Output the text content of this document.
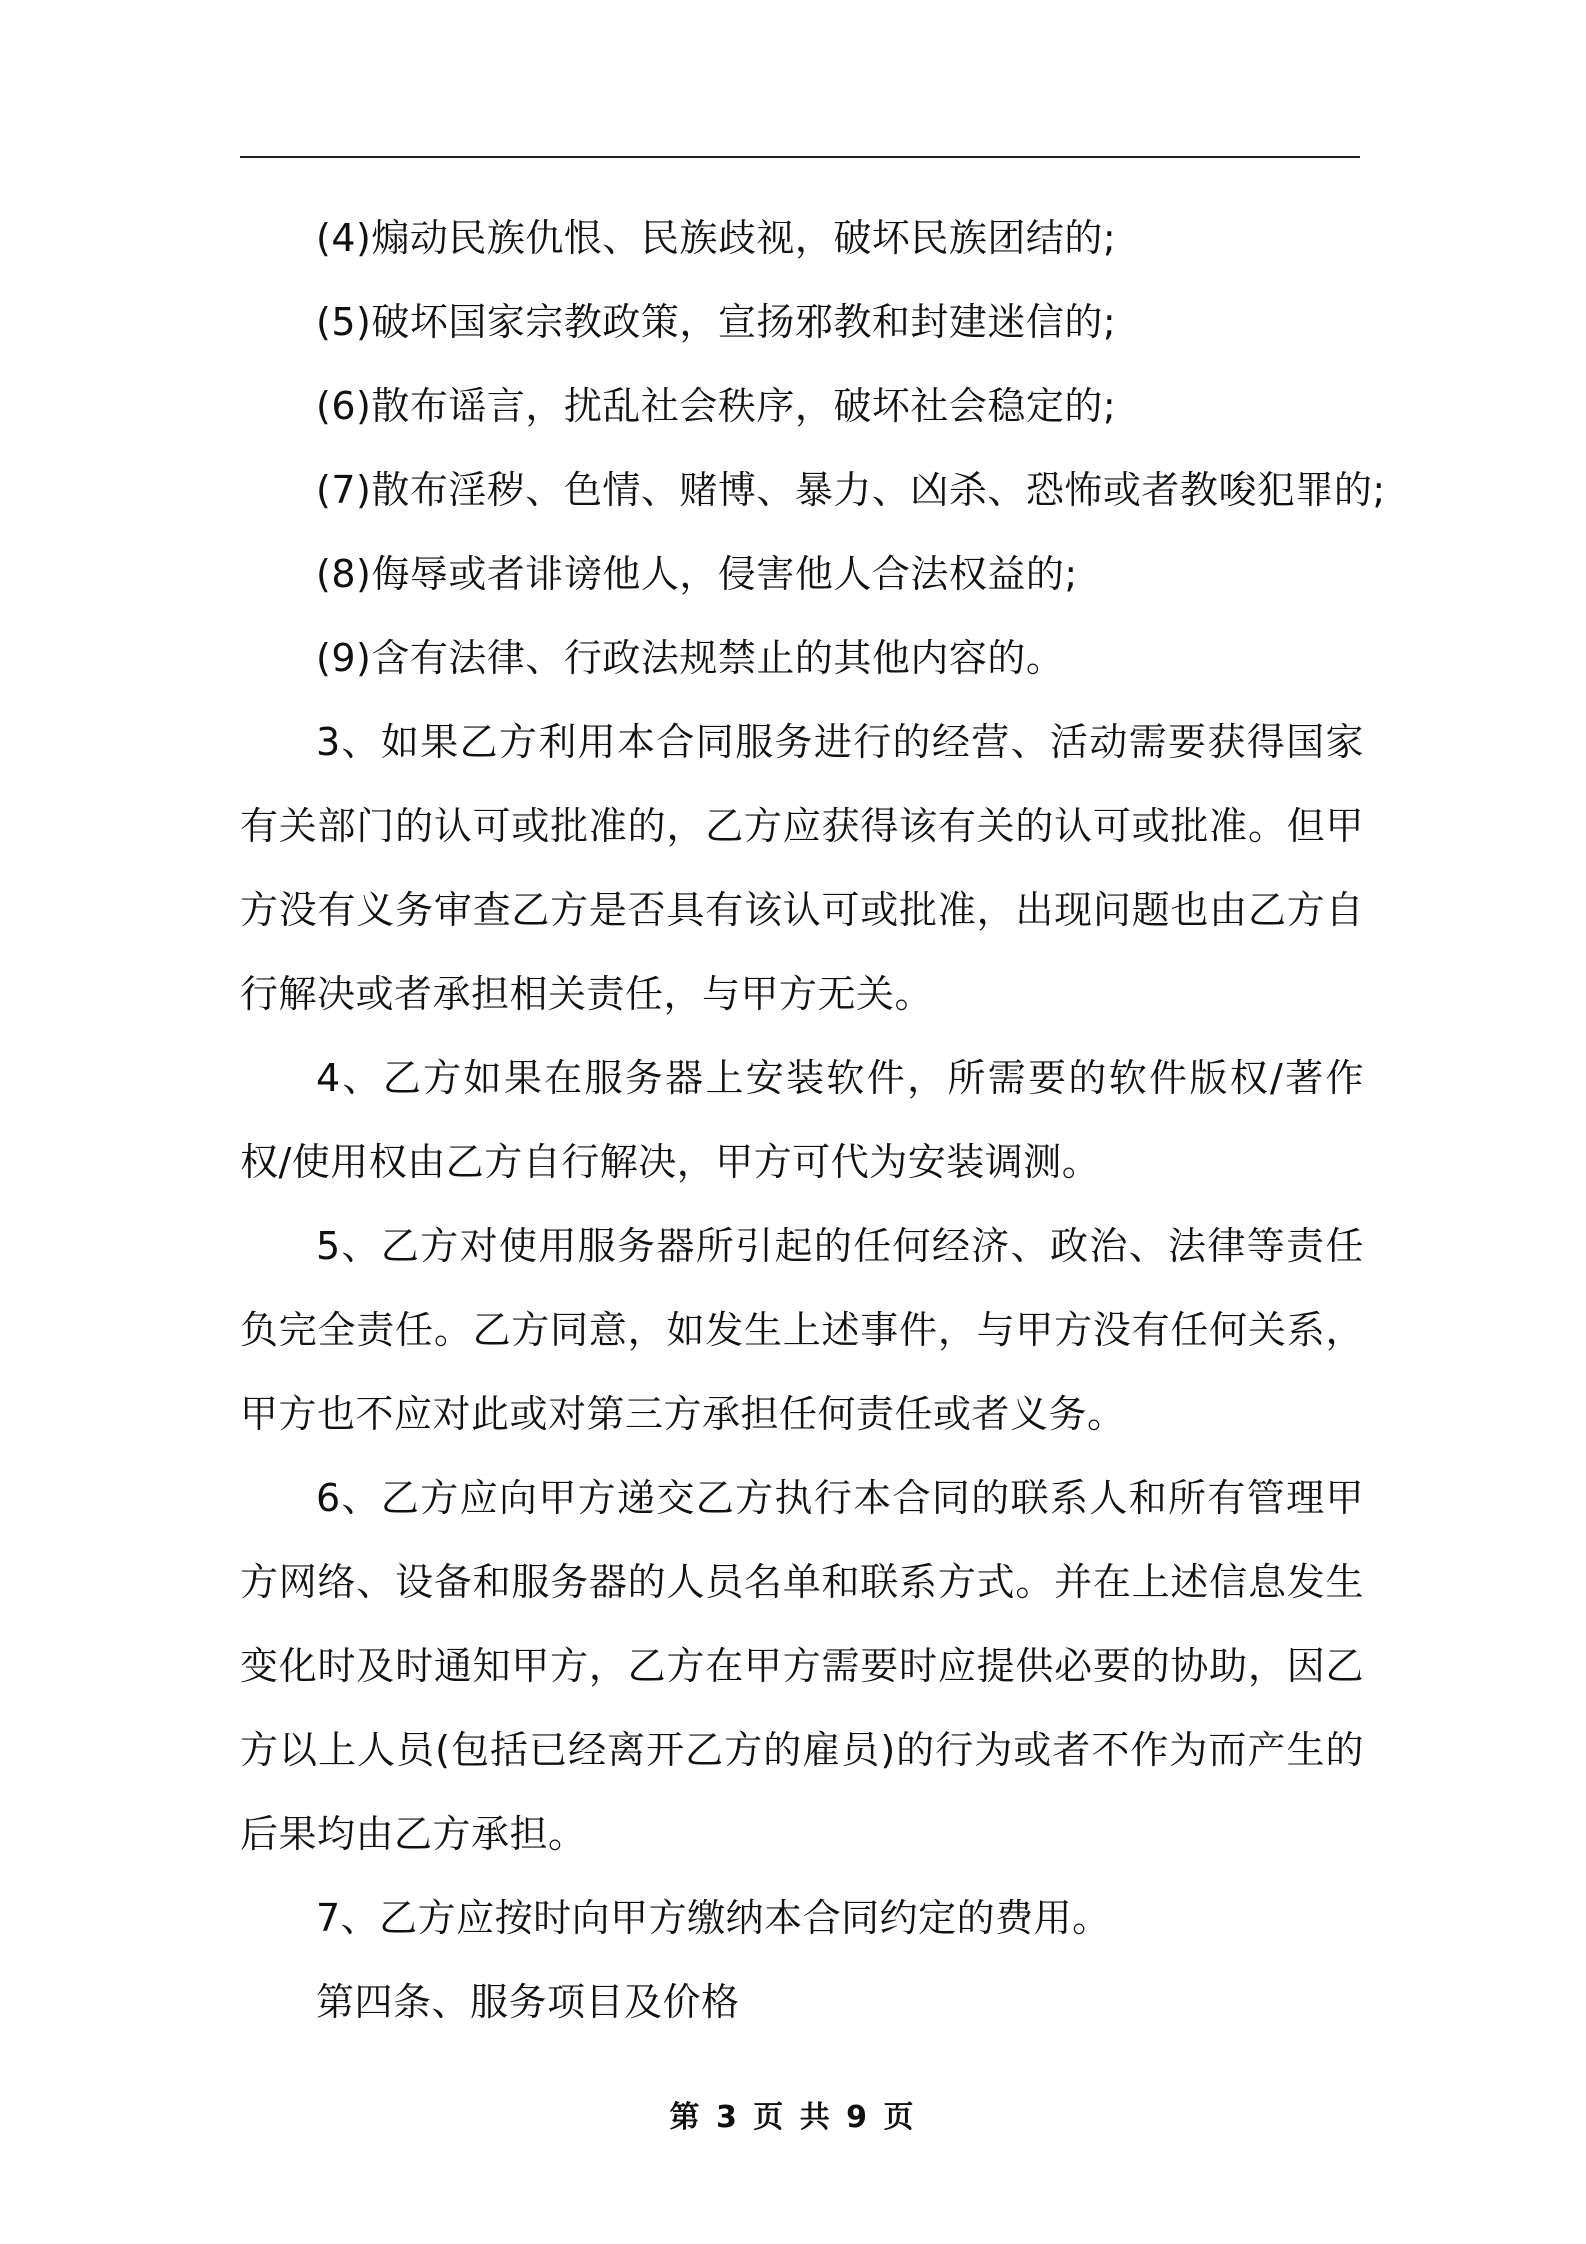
(4)煽动民族仇恨、民族歧视，破坏民族团结的;

(5)破坏国家宗教政策，宣扬邪教和封建迷信的;

(6)散布谣言，扰乱社会秩序，破坏社会稳定的;

(7)散布淫秽、色情、赌博、暴力、凶杀、恐怖或者教唆犯罪的;

(8)侮辱或者诽谤他人，侵害他人合法权益的;

(9)含有法律、行政法规禁止的其他内容的。

3、如果乙方利用本合同服务进行的经营、活动需要获得国家有关部门的认可或批准的，乙方应获得该有关的认可或批准。但甲方没有义务审查乙方是否具有该认可或批准，出现问题也由乙方自行解决或者承担相关责任，与甲方无关。

4、乙方如果在服务器上安装软件，所需要的软件版权/著作权/使用权由乙方自行解决，甲方可代为安装调测。

5、乙方对使用服务器所引起的任何经济、政治、法律等责任负完全责任。乙方同意，如发生上述事件，与甲方没有任何关系，甲方也不应对此或对第三方承担任何责任或者义务。

6、乙方应向甲方递交乙方执行本合同的联系人和所有管理甲方网络、设备和服务器的人员名单和联系方式。并在上述信息发生变化时及时通知甲方，乙方在甲方需要时应提供必要的协助，因乙方以上人员(包括已经离开乙方的雇员)的行为或者不作为而产生的后果均由乙方承担。

7、乙方应按时向甲方缴纳本合同约定的费用。

第四条、服务项目及价格

第 3 页 共 9 页
